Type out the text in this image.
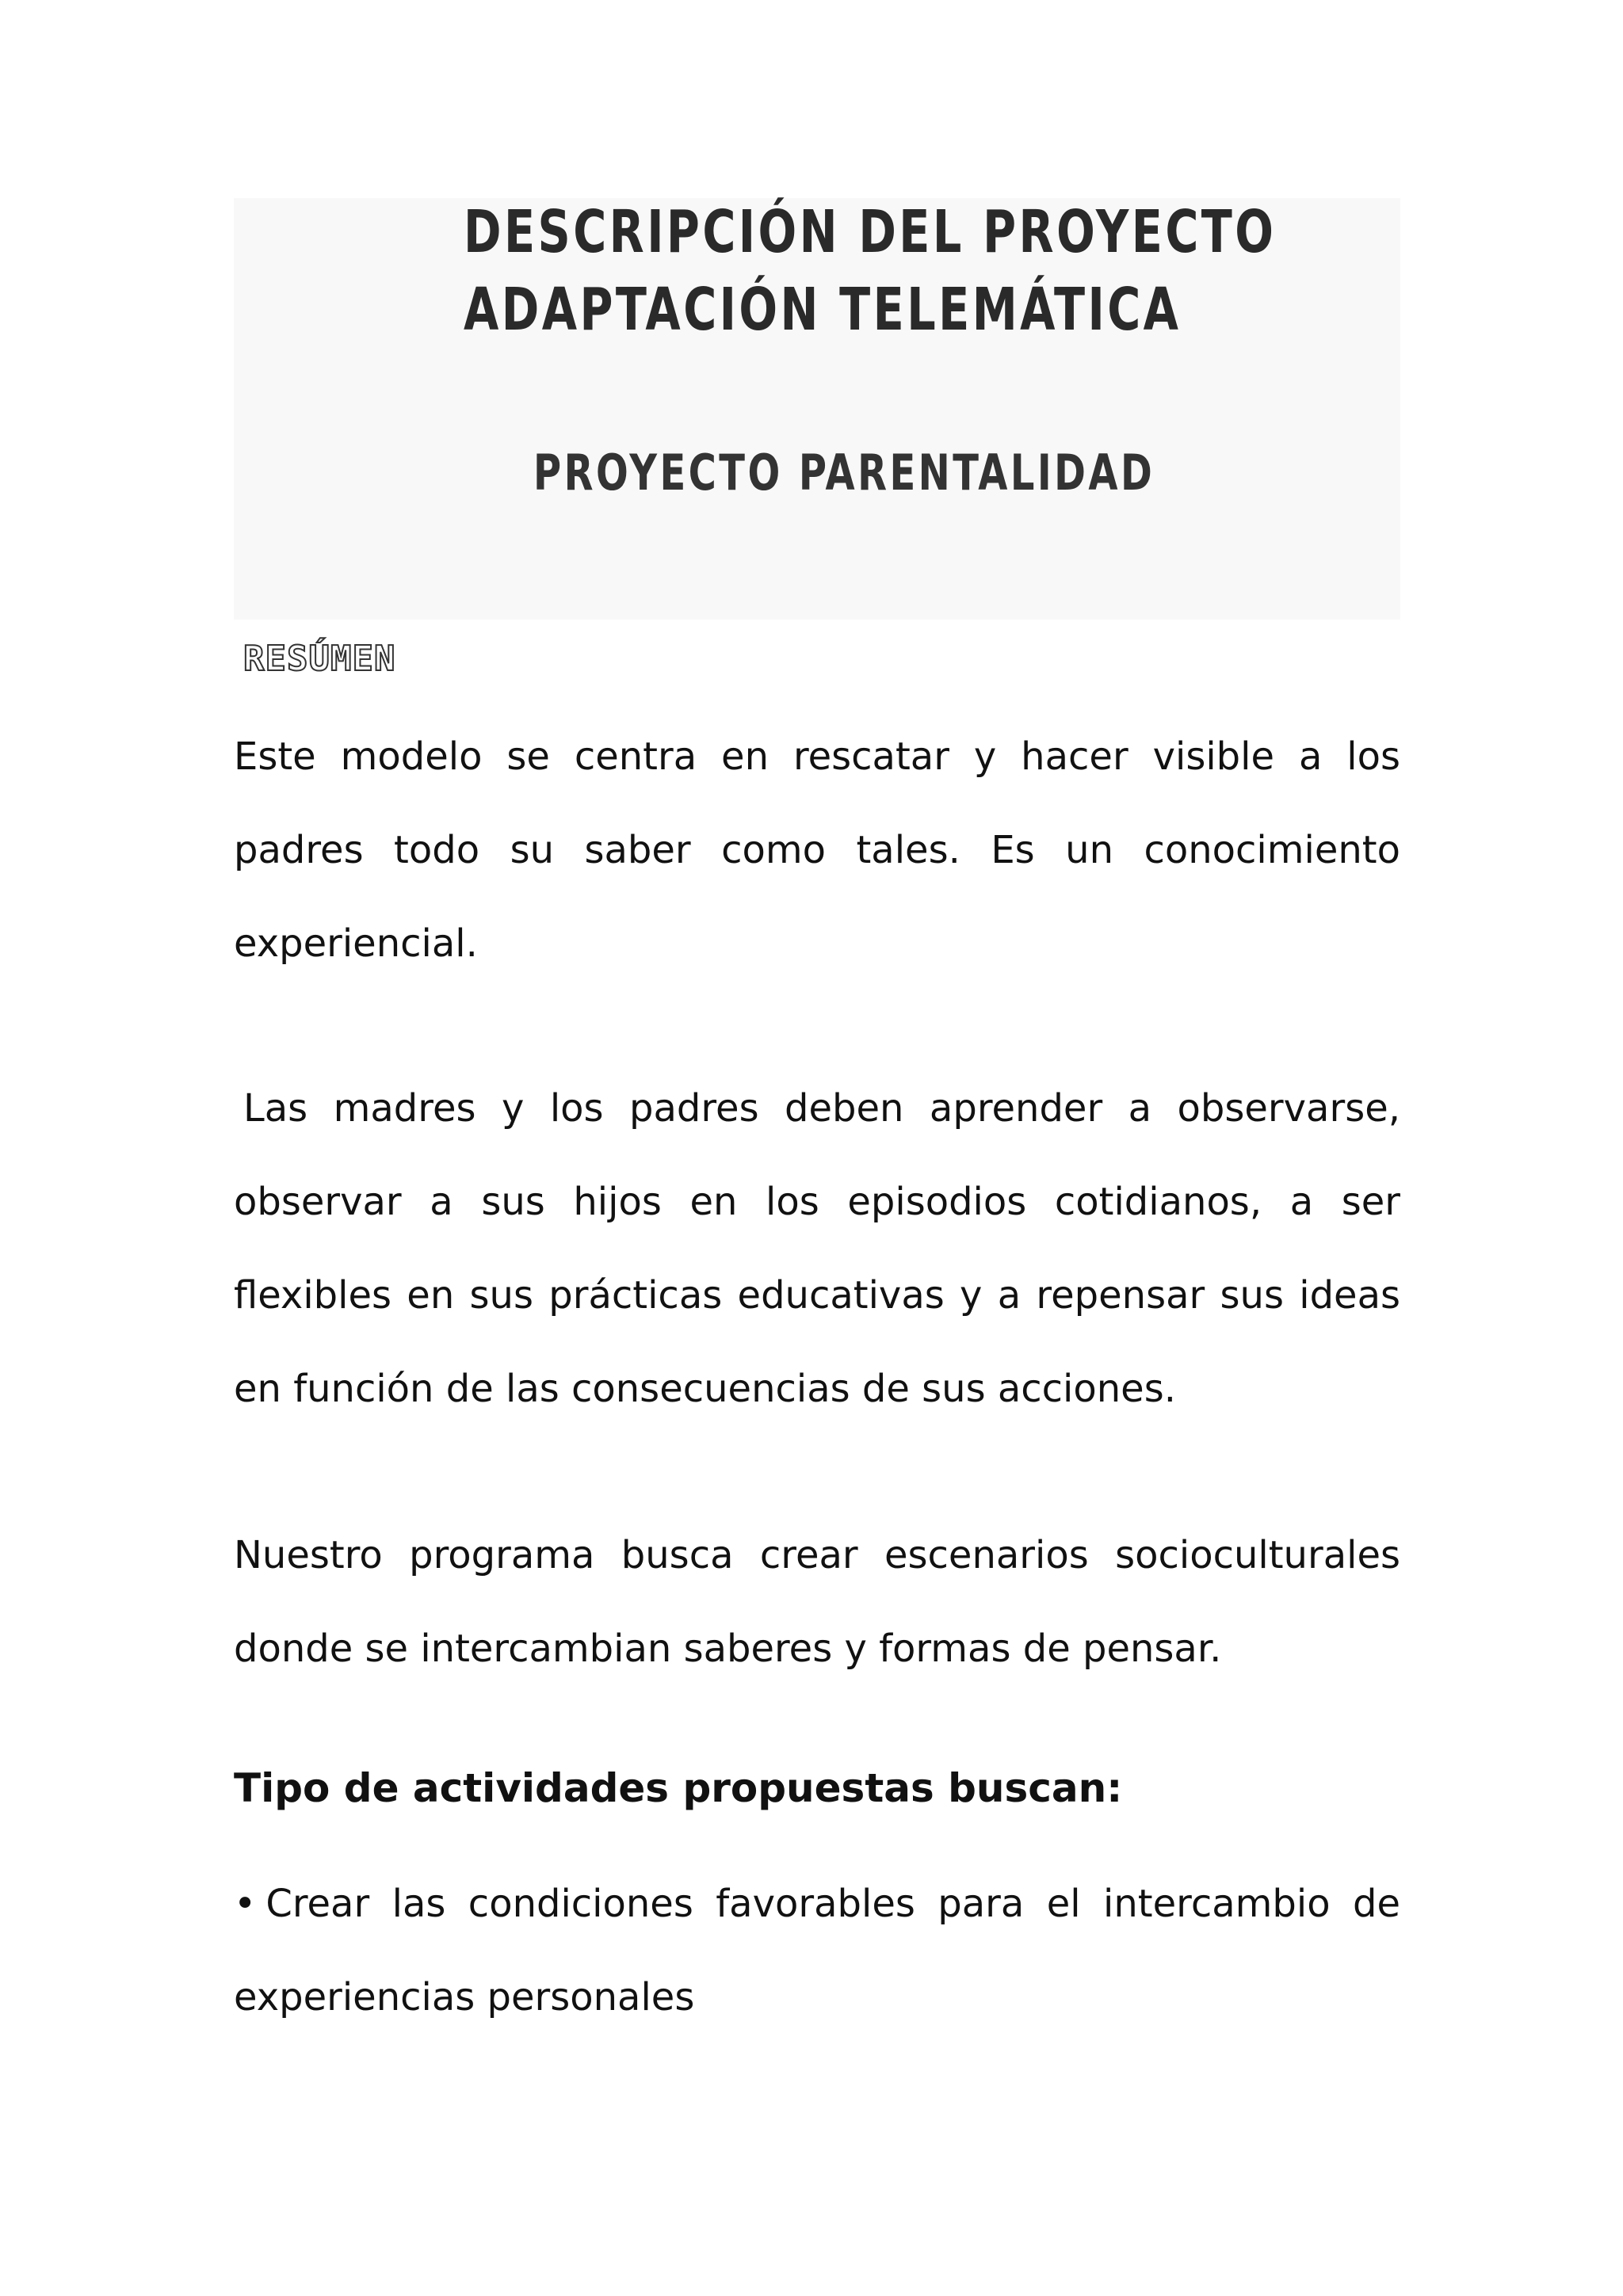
DESCRIPCIÓN DEL PROYECTO
ADAPTACIÓN TELEMÁTICA
PROYECTO PARENTALIDAD
RESÚMEN

Este modelo se centra en rescatar y hacer visible a los padres todo su saber como tales. Es un conocimiento experiencial.

Las madres y los padres deben aprender a observarse, observar a sus hijos en los episodios cotidianos, a ser flexibles en sus prácticas educativas y a repensar sus ideas en función de las consecuencias de sus acciones.

Nuestro programa busca crear escenarios socioculturales donde se intercambian saberes y formas de pensar.

Tipo de actividades propuestas buscan:

• Crear las condiciones favorables para el intercambio de experiencias personales
